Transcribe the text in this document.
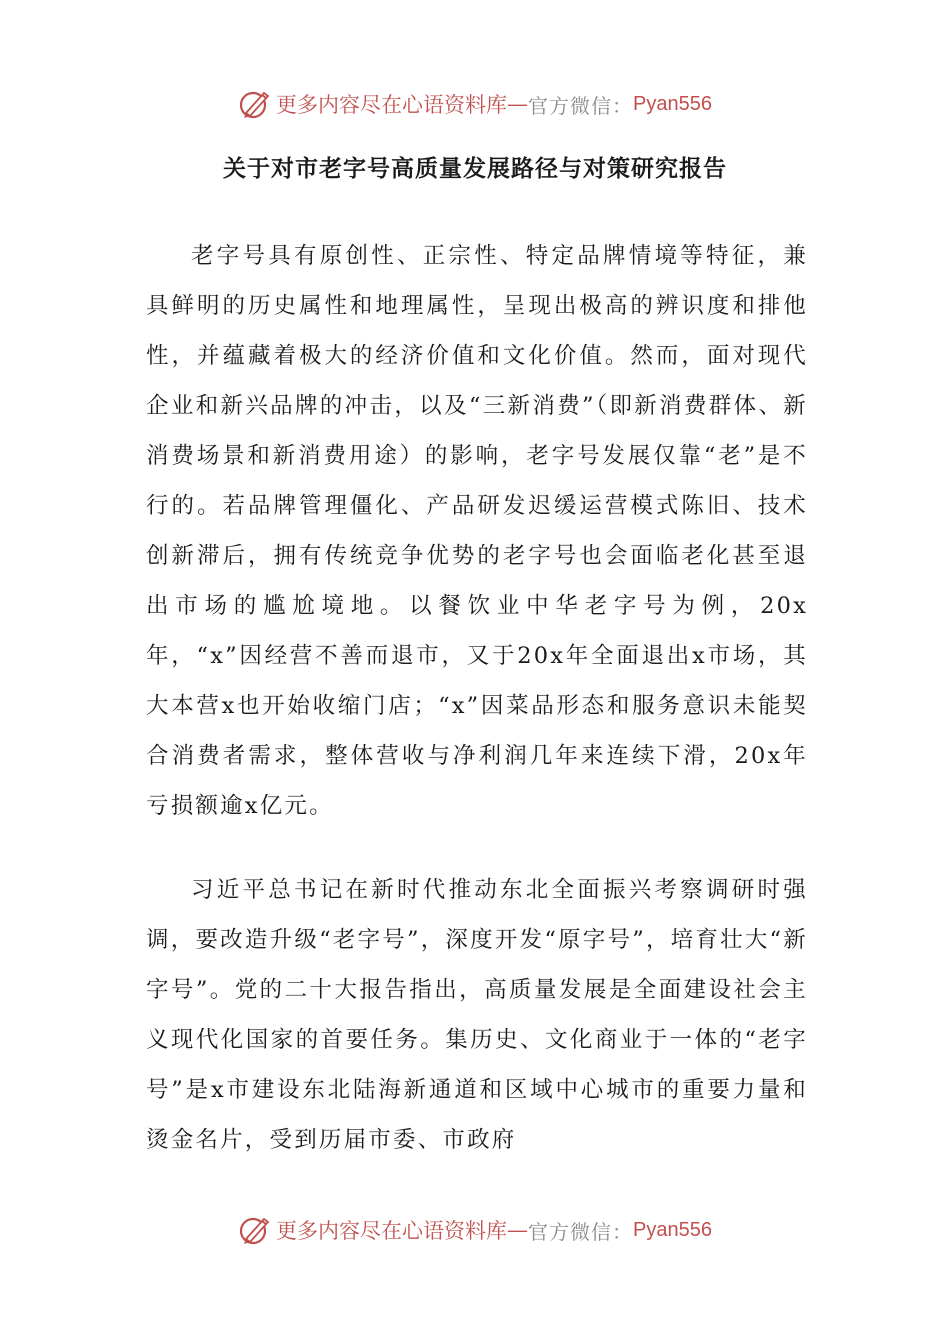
更多内容尽在心语资料库 — 官方微信： Pyan556
关于对市老字号高质量发展路径与对策研究报告

老字号具有原创性、正宗性、特定品牌情境等特征，兼具鲜明的历史属性和地理属性，呈现出极高的辨识度和排他性，并蕴藏着极大的经济价值和文化价值。然而，面对现代企业和新兴品牌的冲击，以及“三新消费”（即新消费群体、新消费场景和新消费用途）的影响，老字号发展仅靠“老”是不行的。若品牌管理僵化、产品研发迟缓运营模式陈旧、技术创新滞后，拥有传统竞争优势的老字号也会面临老化甚至退出市场的尴尬境地。以餐饮业中华老字号为例，20x年，“x”因经营不善而退市，又于20x年全面退出x市场，其大本营x也开始收缩门店；“x”因菜品形态和服务意识未能契合消费者需求，整体营收与净利润几年来连续下滑，20x年亏损额逾x亿元。

习近平总书记在新时代推动东北全面振兴考察调研时强调，要改造升级“老字号”，深度开发“原字号”，培育壮大“新字号”。党的二十大报告指出，高质量发展是全面建设社会主义现代化国家的首要任务。集历史、文化商业于一体的“老字号”是x市建设东北陆海新通道和区域中心城市的重要力量和烫金名片，受到历届市委、市政府

更多内容尽在心语资料库 — 官方微信： Pyan556
